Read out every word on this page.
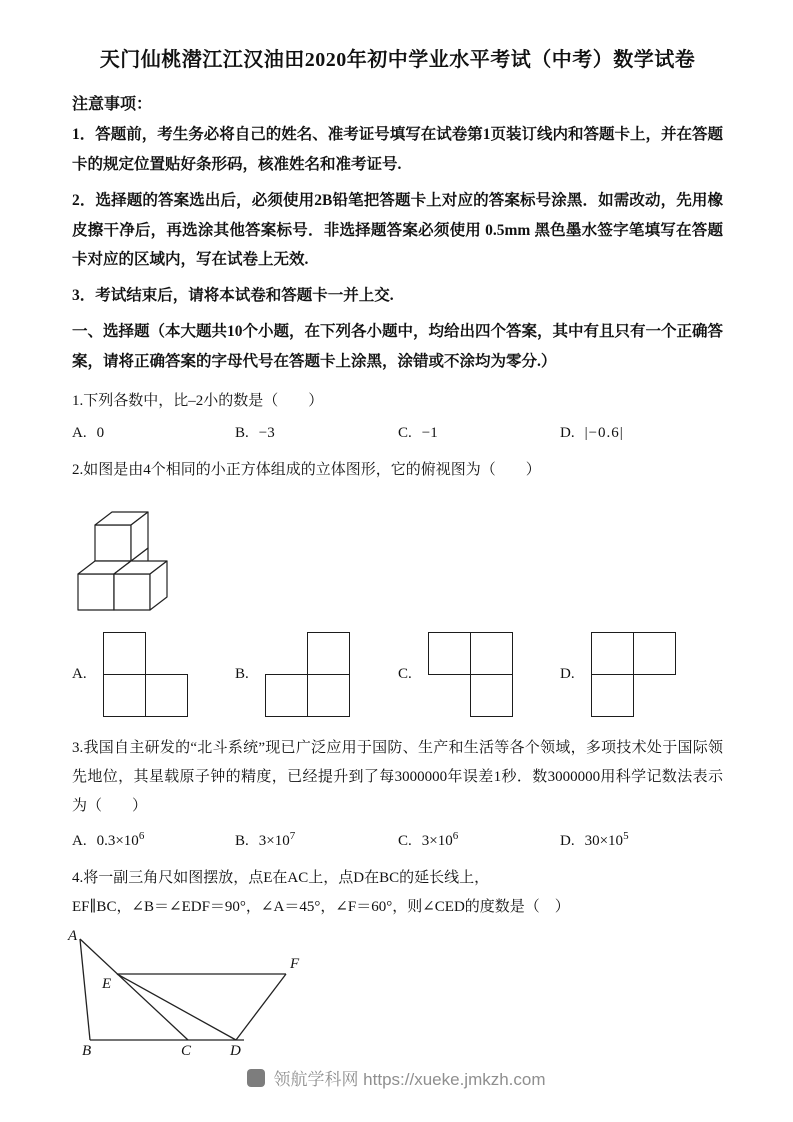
天门仙桃潜江江汉油田2020年初中学业水平考试（中考）数学试卷
注意事项：

1．答题前，考生务必将自己的姓名、准考证号填写在试卷第1页装订线内和答题卡上，并在答题卡的规定位置贴好条形码，核准姓名和准考证号.

2．选择题的答案选出后，必须使用2B铅笔把答题卡上对应的答案标号涂黑．如需改动，先用橡皮擦干净后，再选涂其他答案标号．非选择题答案必须使用 0.5mm 黑色墨水签字笔填写在答题卡对应的区域内，写在试卷上无效.

3．考试结束后，请将本试卷和答题卡一并上交.

一、选择题（本大题共10个小题，在下列各小题中，均给出四个答案，其中有且只有一个正确答案，请将正确答案的字母代号在答题卡上涂黑，涂错或不涂均为零分.）
1.下列各数中，比–2小的数是（　　）
A. 0	B. −3	C. −1	D. |−0.6|
2.如图是由4个相同的小正方体组成的立体图形，它的俯视图为（　　）
A.	B.	C.	D.
3.我国自主研发的“北斗系统”现已广泛应用于国防、生产和生活等各个领域，多项技术处于国际领先地位，其星载原子钟的精度，已经提升到了每3000000年误差1秒．数3000000用科学记数法表示为（　　）
A. $0.3\times 10^6$	B. $3\times 10^7$	C. $3\times 10^6$	D. $30\times 10^5$
4.将一副三角尺如图摆放，点E在AC上，点D在BC的延长线上，
EF∥BC，∠B＝∠EDF＝90°，∠A＝45°，∠F＝60°，则∠CED的度数是（　）
A
B	C	D
E
F
领航学科网 https://xueke.jmkzh.com
